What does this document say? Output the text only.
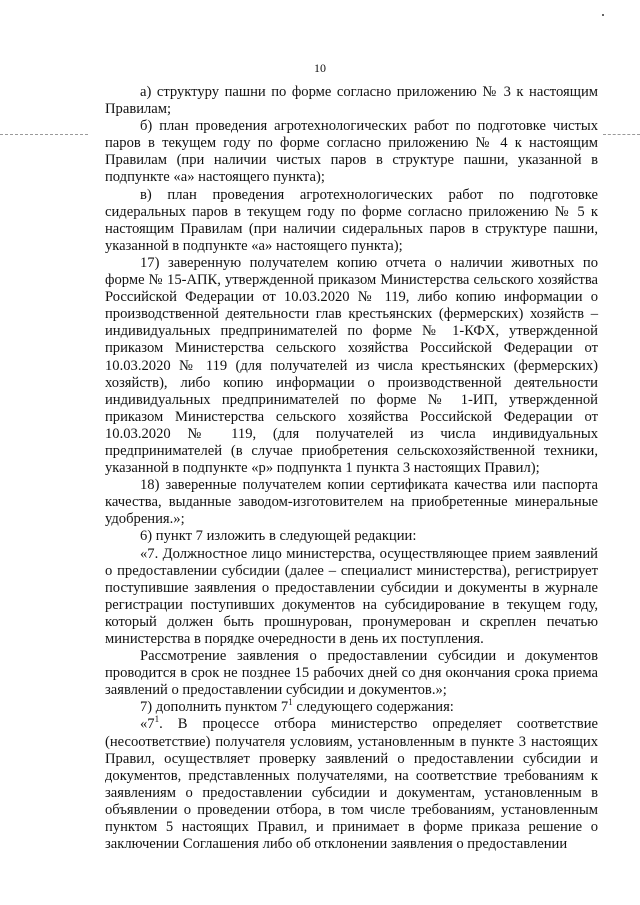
10

а) структуру пашни по форме согласно приложению № 3 к настоящим Правилам;

б) план проведения агротехнологических работ по подготовке чистых паров в текущем году по форме согласно приложению № 4 к настоящим Правилам (при наличии чистых паров в структуре пашни, указанной в подпункте «а» настоящего пункта);

в) план проведения агротехнологических работ по подготовке сидеральных паров в текущем году по форме согласно приложению № 5 к настоящим Правилам (при наличии сидеральных паров в структуре пашни, указанной в подпункте «а» настоящего пункта);

17) заверенную получателем копию отчета о наличии животных по форме № 15-АПК, утвержденной приказом Министерства сельского хозяйства Российской Федерации от 10.03.2020 № 119, либо копию информации о производственной деятельности глав крестьянских (фермерских) хозяйств – индивидуальных предпринимателей по форме № 1-КФХ, утвержденной приказом Министерства сельского хозяйства Российской Федерации от 10.03.2020 № 119 (для получателей из числа крестьянских (фермерских) хозяйств), либо копию информации о производственной деятельности индивидуальных предпринимателей по форме № 1-ИП, утвержденной приказом Министерства сельского хозяйства Российской Федерации от 10.03.2020 № 119, (для получателей из числа индивидуальных предпринимателей (в случае приобретения сельскохозяйственной техники, указанной в подпункте «р» подпункта 1 пункта 3 настоящих Правил);

18) заверенные получателем копии сертификата качества или паспорта качества, выданные заводом-изготовителем на приобретенные минеральные удобрения.»;

6) пункт 7 изложить в следующей редакции:

«7. Должностное лицо министерства, осуществляющее прием заявлений о предоставлении субсидии (далее – специалист министерства), регистрирует поступившие заявления о предоставлении субсидии и документы в журнале регистрации поступивших документов на субсидирование в текущем году, который должен быть прошнурован, пронумерован и скреплен печатью министерства в порядке очередности в день их поступления.

Рассмотрение заявления о предоставлении субсидии и документов проводится в срок не позднее 15 рабочих дней со дня окончания срока приема заявлений о предоставлении субсидии и документов.»;

7) дополнить пунктом $7^1$ следующего содержания:

«$7^1$. В процессе отбора министерство определяет соответствие (несоответствие) получателя условиям, установленным в пункте 3 настоящих Правил, осуществляет проверку заявлений о предоставлении субсидии и документов, представленных получателями, на соответствие требованиям к заявлениям о предоставлении субсидии и документам, установленным в объявлении о проведении отбора, в том числе требованиям, установленным пунктом 5 настоящих Правил, и принимает в форме приказа решение о заключении Соглашения либо об отклонении заявления о предоставлении
